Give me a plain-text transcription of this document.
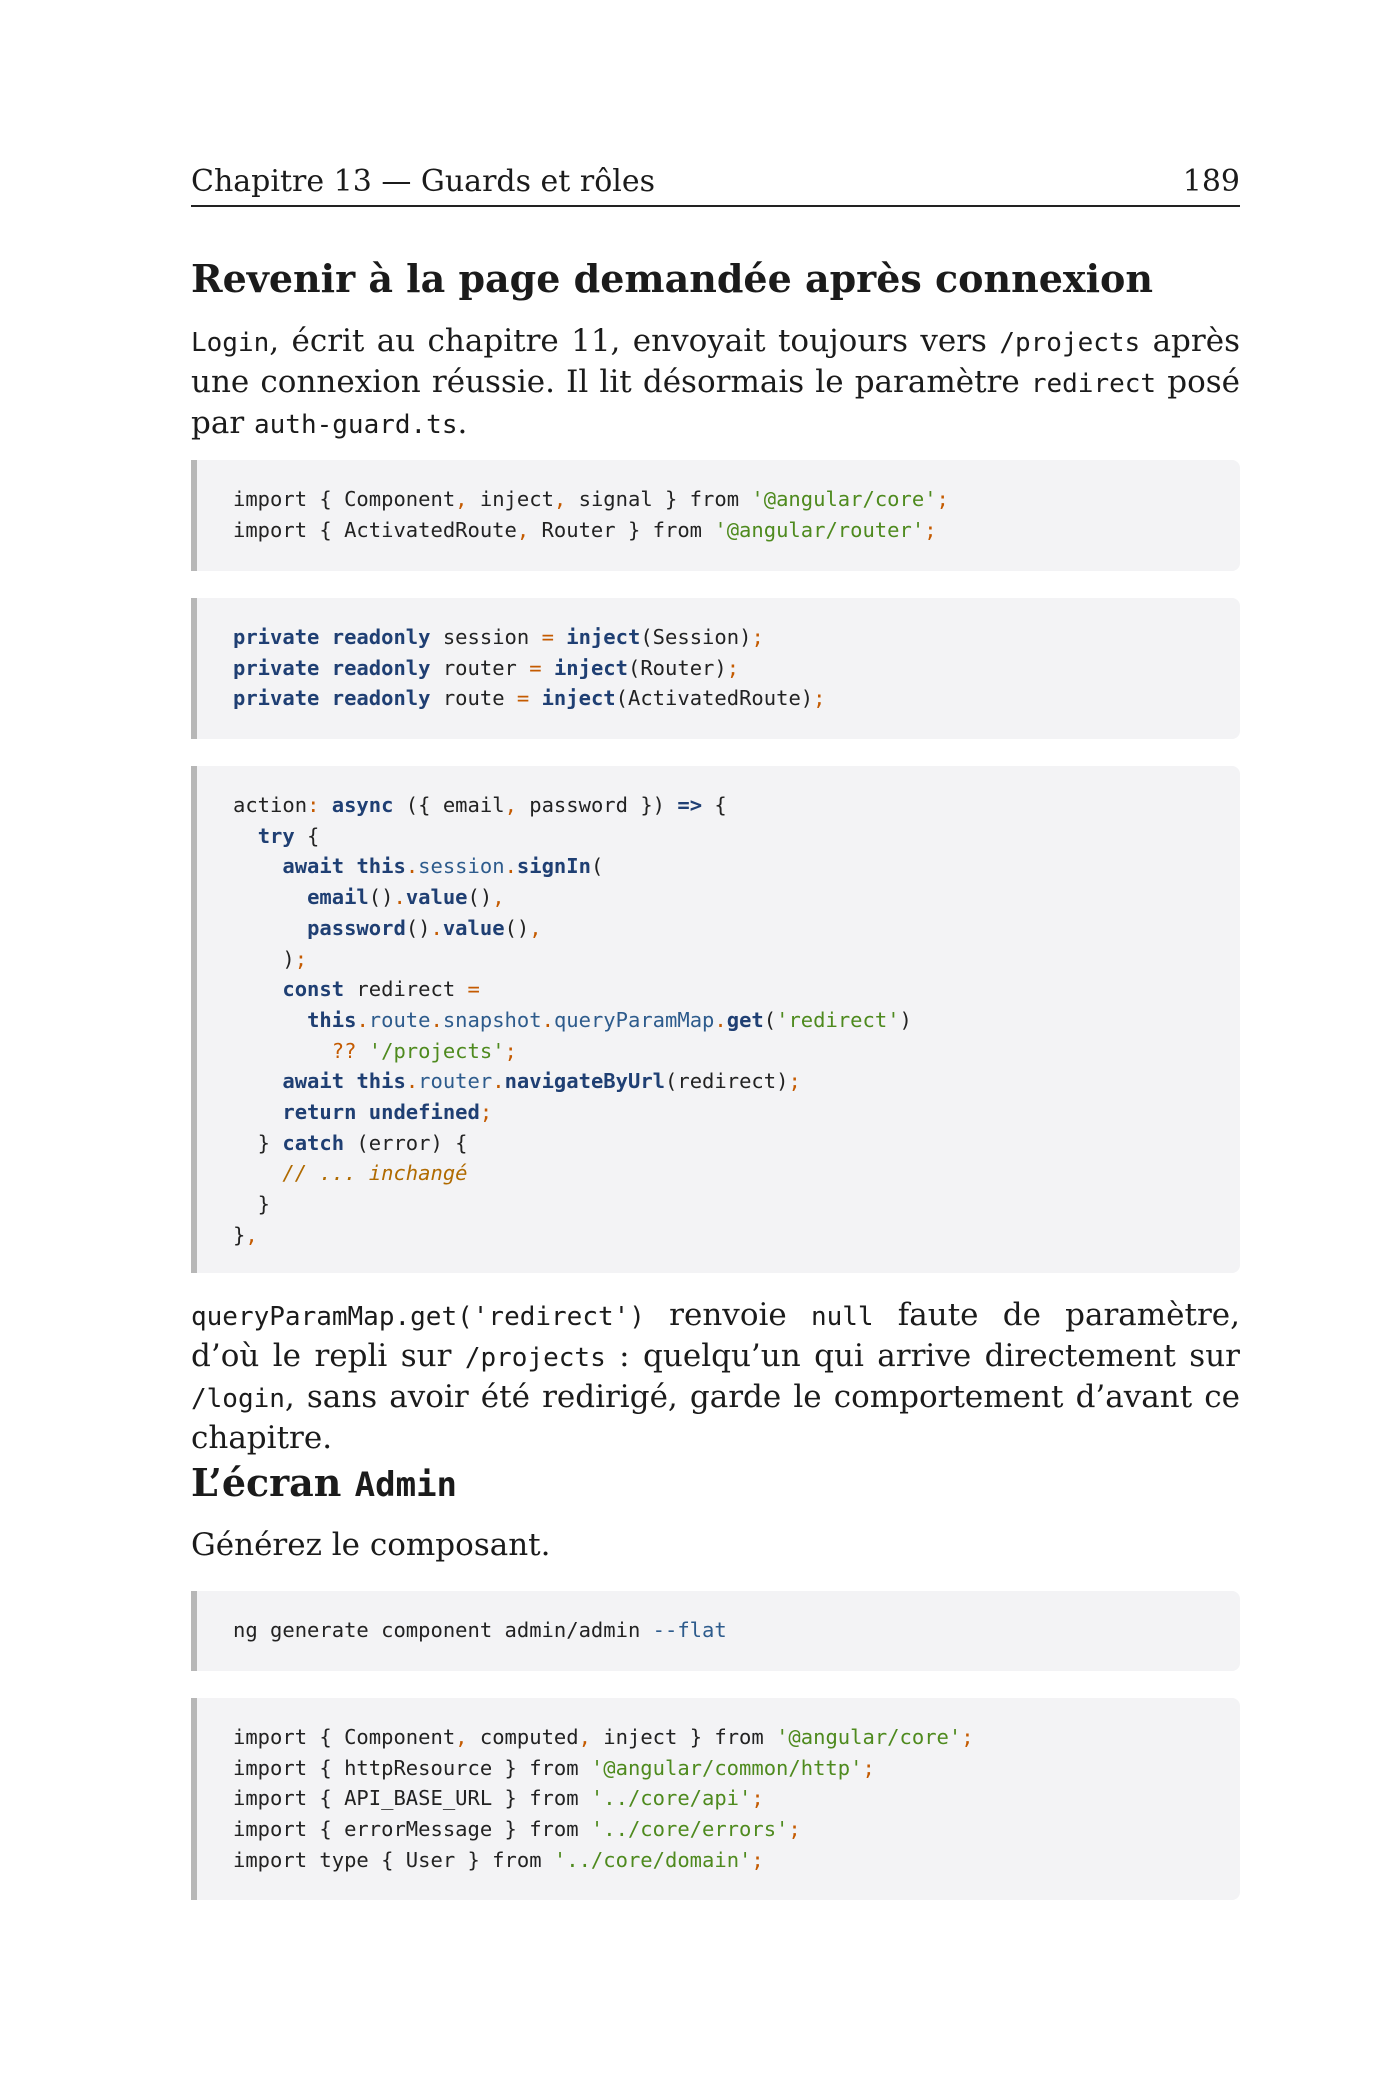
Chapitre 13 — Guards et rôles	189
Revenir à la page demandée après connexion

Login, écrit au chapitre 11, envoyait toujours vers /projects après une connexion réussie. Il lit désormais le paramètre redirect posé par auth-guard.ts.

import { Component, inject, signal } from '@angular/core';
import { ActivatedRoute, Router } from '@angular/router';
private readonly session = inject(Session);
private readonly router = inject(Router);
private readonly route = inject(ActivatedRoute);
action: async ({ email, password }) => {
try {
await this.session.signIn(
email().value(),
password().value(),
);
const redirect =
this.route.snapshot.queryParamMap.get('redirect')
?? '/projects';
await this.router.navigateByUrl(redirect);
return undefined;
} catch (error) {
// ... inchangé
}
},

queryParamMap.get('redirect') renvoie null faute de paramètre, d’où le repli sur /projects : quelqu’un qui arrive directement sur /login, sans avoir été redirigé, garde le comportement d’avant ce chapitre.

L’écran Admin

Générez le composant.

ng generate component admin/admin --flat
import { Component, computed, inject } from '@angular/core';
import { httpResource } from '@angular/common/http';
import { API_BASE_URL } from '../core/api';
import { errorMessage } from '../core/errors';
import type { User } from '../core/domain';
